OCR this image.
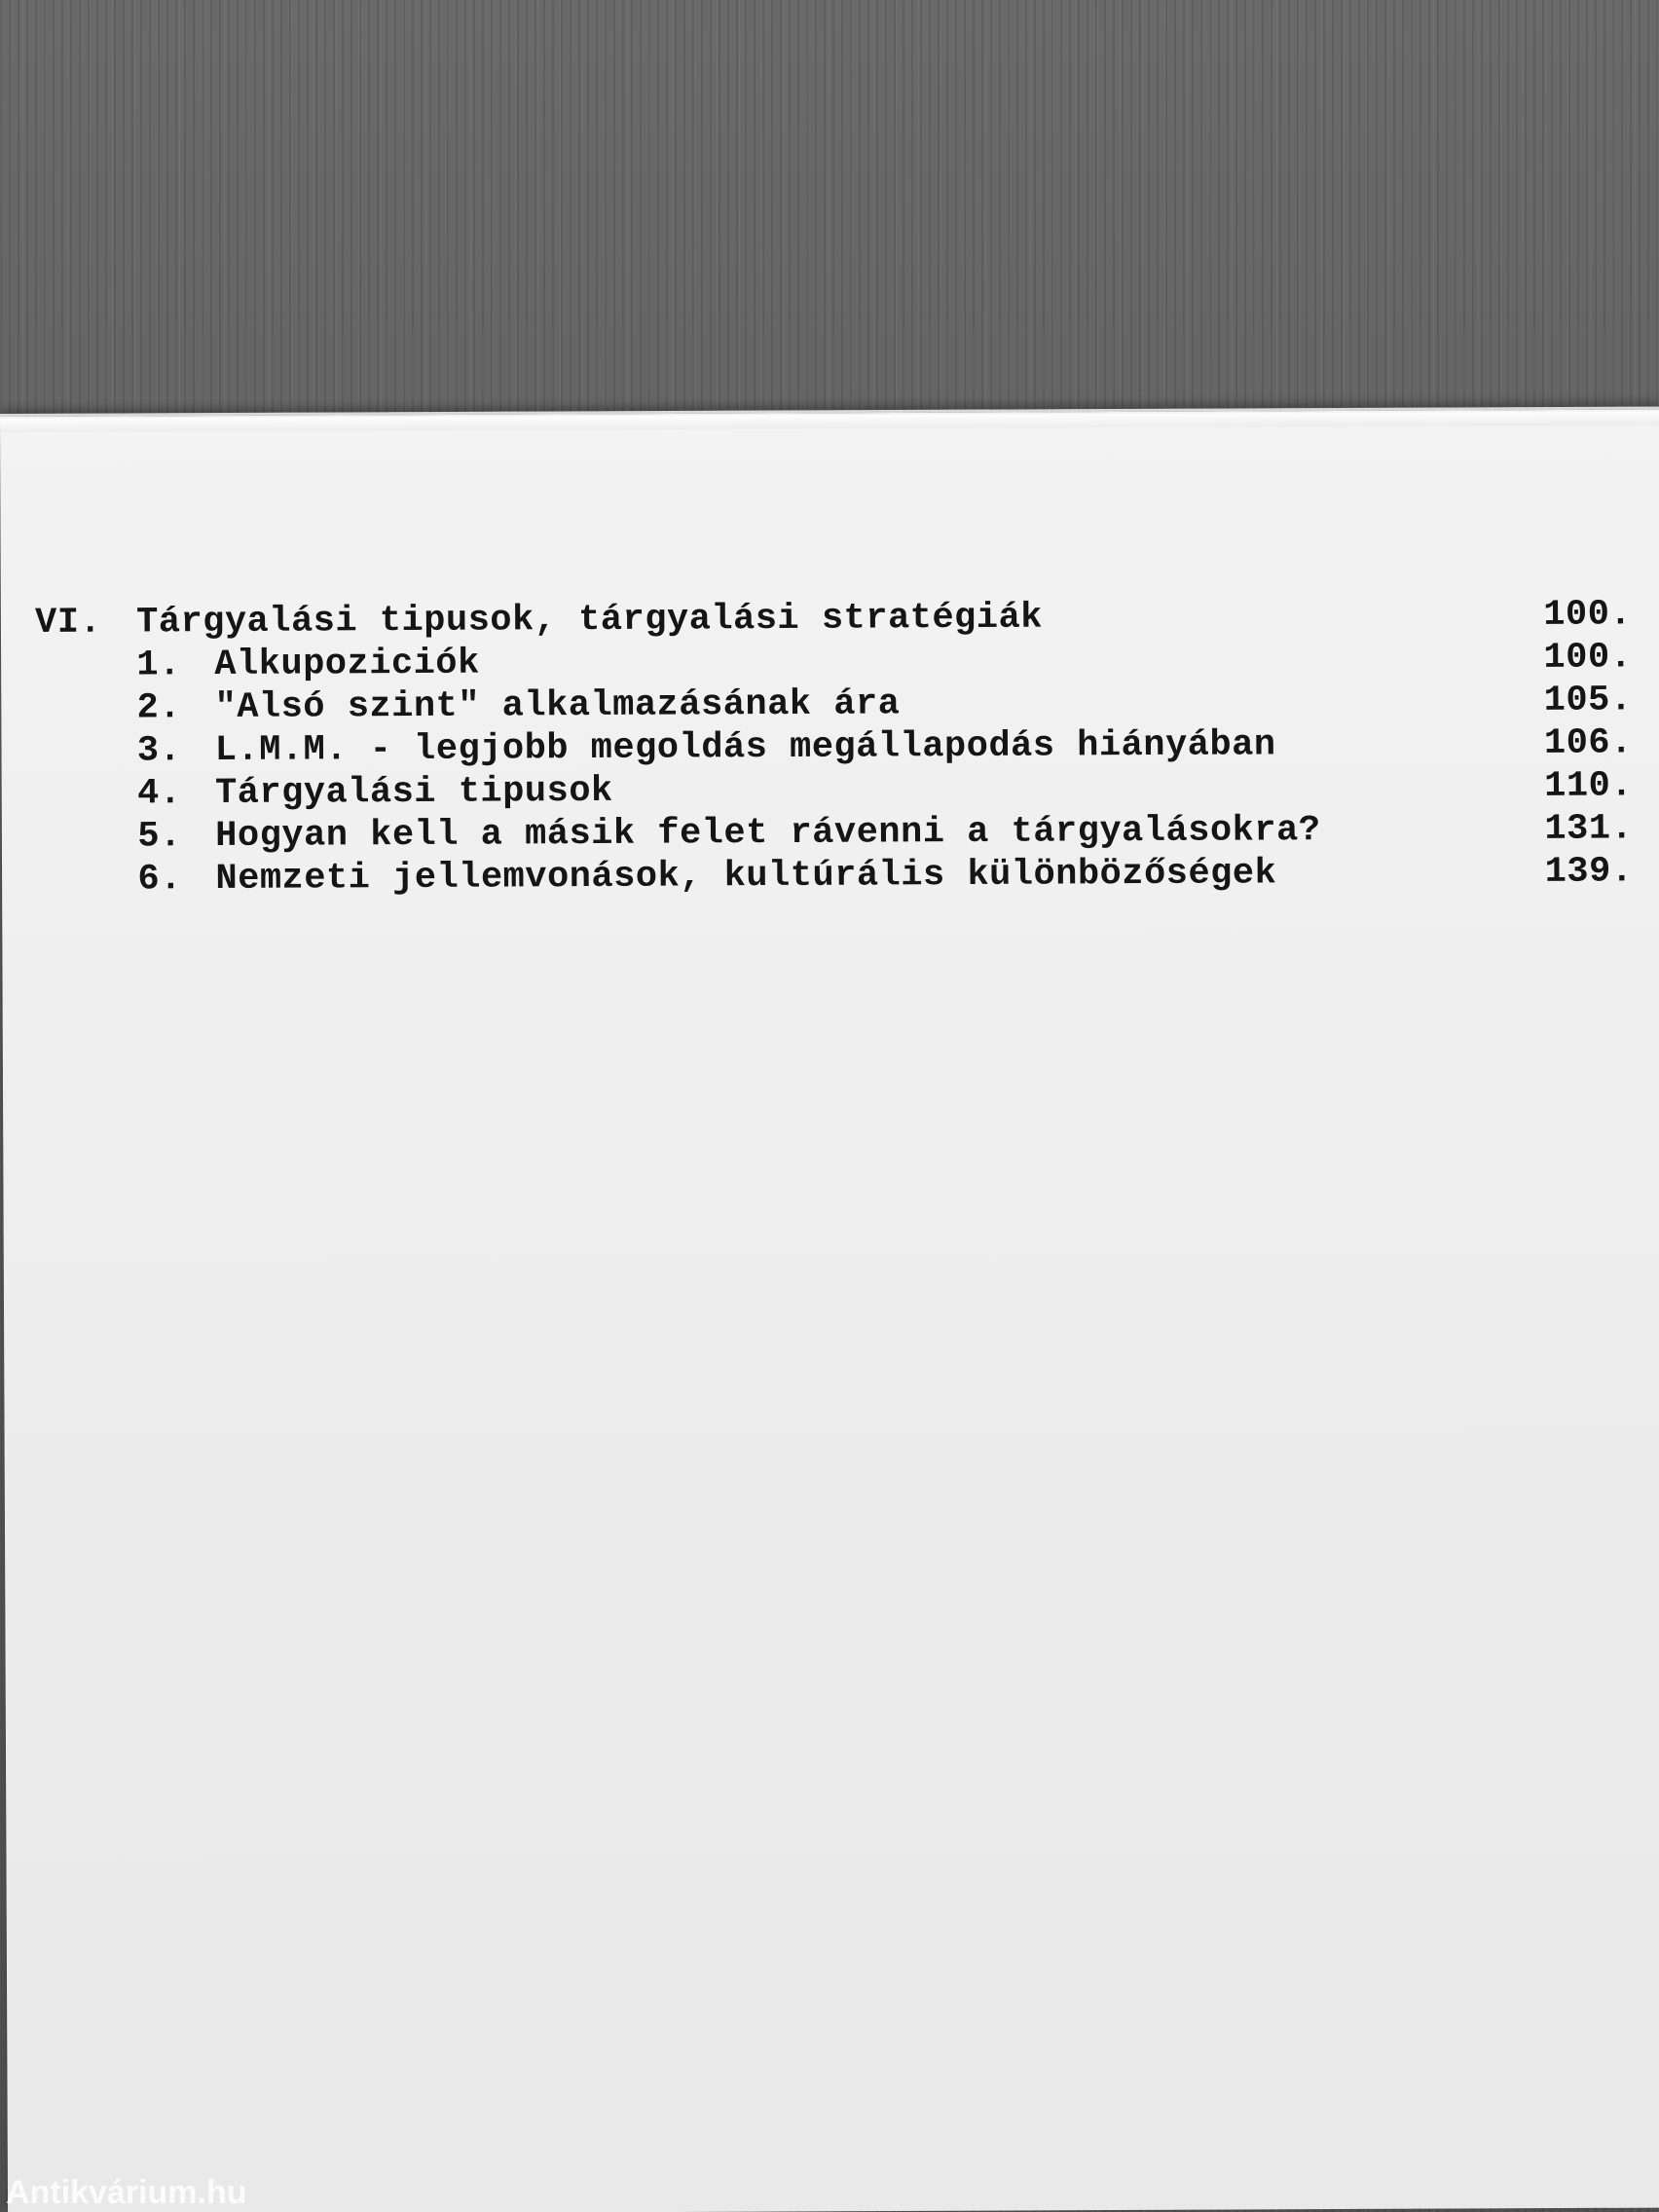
VI. Tárgyalási tipusok, tárgyalási stratégiák	100.
1. Alkupoziciók	100.
2. "Alsó szint" alkalmazásának ára	105.
3. L.M.M. - legjobb megoldás megállapodás hiányában	106.
4. Tárgyalási tipusok	110.
5. Hogyan kell a másik felet rávenni a tárgyalásokra?	131.
6. Nemzeti jellemvonások, kultúrális különbözőségek	139.
Antikvárium.hu
